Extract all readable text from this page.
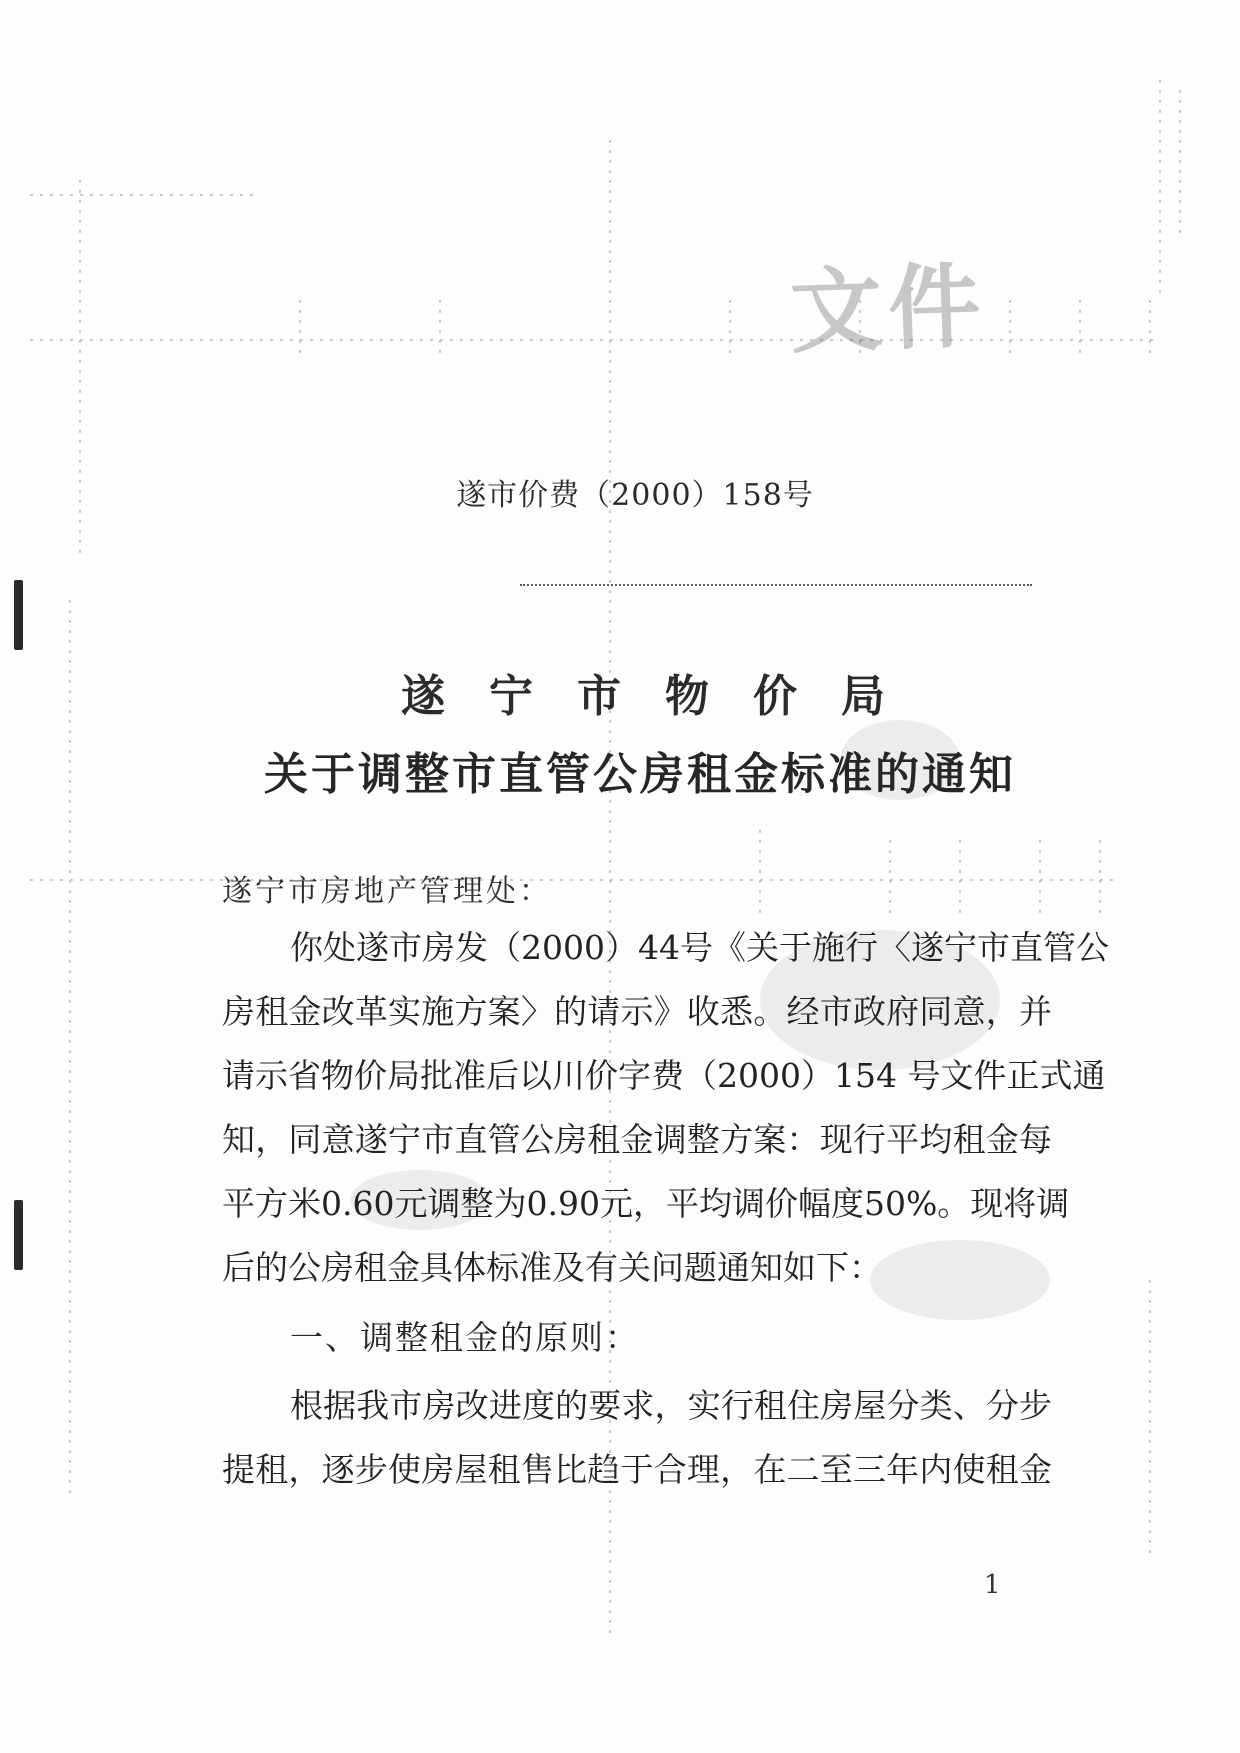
文件
遂市价费（2000）158号
遂宁市物价局
关于调整市直管公房租金标准的通知
遂宁市房地产管理处：
你处遂市房发（2000）44号《关于施行〈遂宁市直管公
房租金改革实施方案〉的请示》收悉。经市政府同意，并
请示省物价局批准后以川价字费（2000）154 号文件正式通
知，同意遂宁市直管公房租金调整方案：现行平均租金每
平方米0.60元调整为0.90元，平均调价幅度50%。现将调
后的公房租金具体标准及有关问题通知如下：
一、调整租金的原则：
根据我市房改进度的要求，实行租住房屋分类、分步
提租，逐步使房屋租售比趋于合理，在二至三年内使租金
1
